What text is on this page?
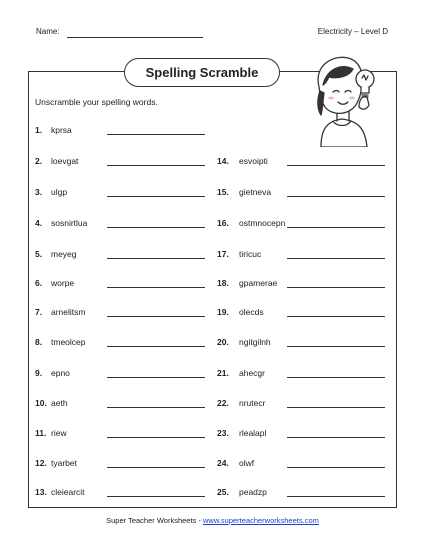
Name:	Electricity – Level D
Spelling Scramble
Unscramble your spelling words.
1. kprsa
2. loevgat
3. ulgp
4. sosnirtlua
5. meyeg
6. worpe
7. arnelitsm
8. tmeolcep
9. epno
10. aeth
11. riew
12. tyarbet
13. cleiearcit
14. esvoipti
15. gietneva
16. ostmnocepn
17. tiricuc
18. gpamerae
19. olecds
20. ngitgilnh
21. ahecgr
22. nrutecr
23. rlealapl
24. olwf
25. peadzp
Super Teacher Worksheets - www.superteacherworksheets.com
